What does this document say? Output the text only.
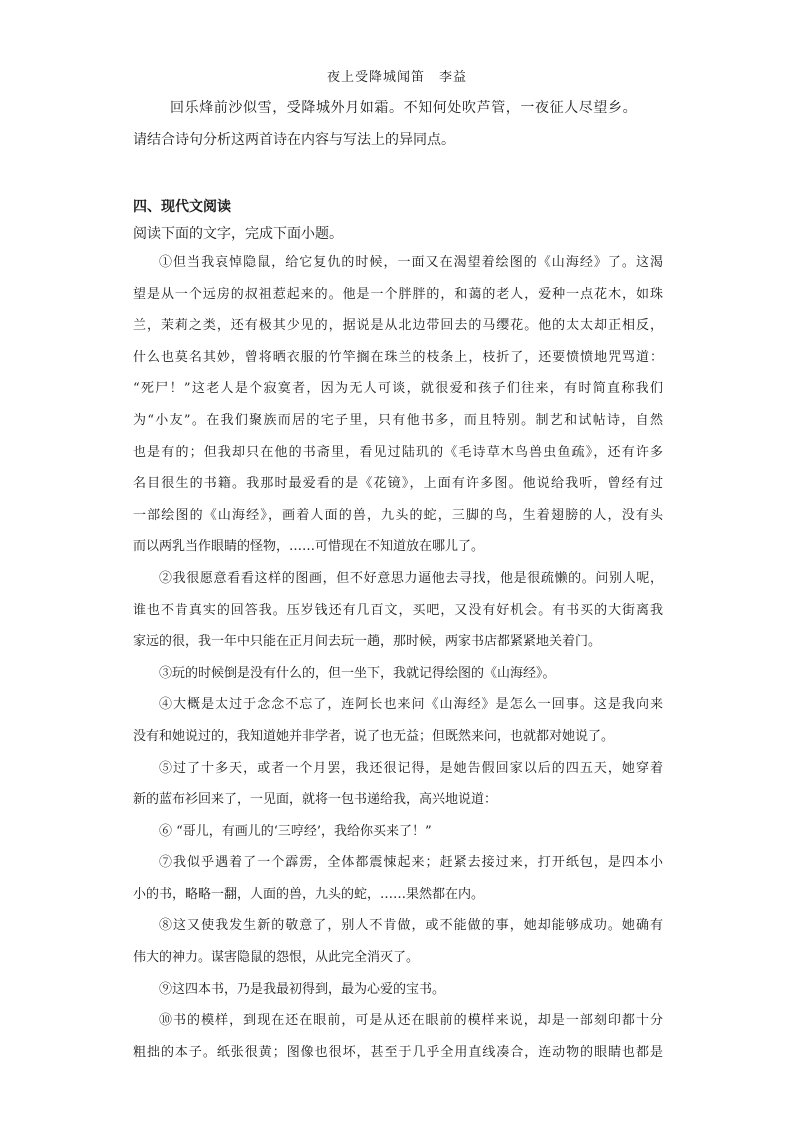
夜上受降城闻笛　李益
回乐烽前沙似雪，受降城外月如霜。不知何处吹芦管，一夜征人尽望乡。
请结合诗句分析这两首诗在内容与写法上的异同点。
四、现代文阅读
阅读下面的文字，完成下面小题。
①但当我哀悼隐鼠，给它复仇的时候，一面又在渴望着绘图的《山海经》了。这渴
望是从一个远房的叔祖惹起来的。他是一个胖胖的，和蔼的老人，爱种一点花木，如珠
兰，茉莉之类，还有极其少见的，据说是从北边带回去的马缨花。他的太太却正相反，
什么也莫名其妙，曾将晒衣服的竹竿搁在珠兰的枝条上，枝折了，还要愤愤地咒骂道：
“死尸！”这老人是个寂寞者，因为无人可谈，就很爱和孩子们往来，有时简直称我们
为“小友”。在我们聚族而居的宅子里，只有他书多，而且特别。制艺和试帖诗，自然
也是有的；但我却只在他的书斋里，看见过陆玑的《毛诗草木鸟兽虫鱼疏》，还有许多
名目很生的书籍。我那时最爱看的是《花镜》，上面有许多图。他说给我听，曾经有过
一部绘图的《山海经》，画着人面的兽，九头的蛇，三脚的鸟，生着翅膀的人，没有头
而以两乳当作眼睛的怪物，……可惜现在不知道放在哪儿了。
②我很愿意看看这样的图画，但不好意思力逼他去寻找，他是很疏懒的。问别人呢，
谁也不肯真实的回答我。压岁钱还有几百文，买吧，又没有好机会。有书买的大街离我
家远的很，我一年中只能在正月间去玩一趟，那时候，两家书店都紧紧地关着门。
③玩的时候倒是没有什么的，但一坐下，我就记得绘图的《山海经》。
④大概是太过于念念不忘了，连阿长也来问《山海经》是怎么一回事。这是我向来
没有和她说过的，我知道她并非学者，说了也无益；但既然来问，也就都对她说了。
⑤过了十多天，或者一个月罢，我还很记得，是她告假回家以后的四五天，她穿着
新的蓝布衫回来了，一见面，就将一包书递给我，高兴地说道：
⑥ “哥儿，有画儿的‘三哼经’，我给你买来了！”
⑦我似乎遇着了一个霹雳，全体都震悚起来；赶紧去接过来，打开纸包，是四本小
小的书，略略一翻，人面的兽，九头的蛇，……果然都在内。
⑧这又使我发生新的敬意了，别人不肯做，或不能做的事，她却能够成功。她确有
伟大的神力。谋害隐鼠的怨恨，从此完全消灭了。
⑨这四本书，乃是我最初得到，最为心爱的宝书。
⑩书的模样，到现在还在眼前，可是从还在眼前的模样来说，却是一部刻印都十分
粗拙的本子。纸张很黄；图像也很坏，甚至于几乎全用直线凑合，连动物的眼睛也都是
